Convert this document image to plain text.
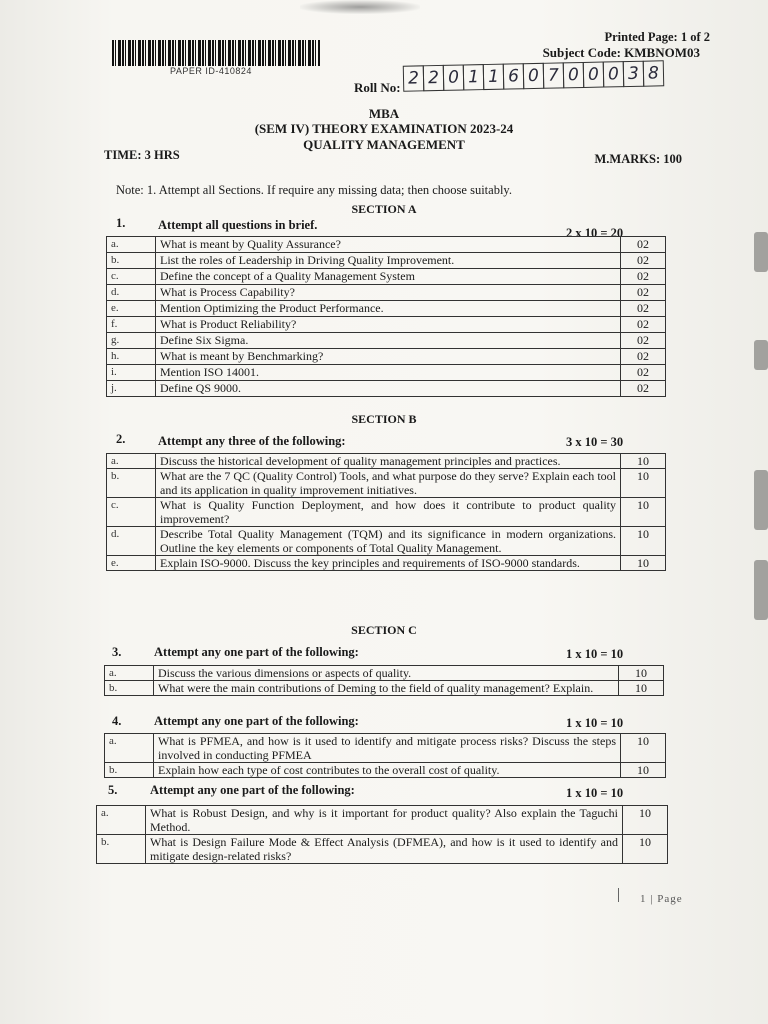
Printed Page: 1 of 2
Subject Code: KMBNOM03
PAPER ID-410824
Roll No: 2 2 0 1 1 6 0 7 0 0 0 3 8
MBA
(SEM IV) THEORY EXAMINATION 2023-24
QUALITY MANAGEMENT
TIME: 3 HRS	M.MARKS: 100
Note: 1. Attempt all Sections. If require any missing data; then choose suitably.
SECTION A
1.	Attempt all questions in brief.
2 x 10 = 20
a.	What is meant by Quality Assurance?	02
b.	List the roles of Leadership in Driving Quality Improvement.	02
c.	Define the concept of a Quality Management System	02
d.	What is Process Capability?	02
e.	Mention Optimizing the Product Performance.	02
f.	What is Product Reliability?	02
g.	Define Six Sigma.	02
h.	What is meant by Benchmarking?	02
i.	Mention ISO 14001.	02
j.	Define QS 9000.	02
SECTION B
2.	Attempt any three of the following:	3 x 10 = 30
a.	Discuss the historical development of quality management principles and practices.	10
b.	What are the 7 QC (Quality Control) Tools, and what purpose do they serve? Explain each tool and its application in quality improvement initiatives.	10
c.	What is Quality Function Deployment, and how does it contribute to product quality improvement?	10
d.	Describe Total Quality Management (TQM) and its significance in modern organizations. Outline the key elements or components of Total Quality Management.	10
e.	Explain ISO-9000. Discuss the key principles and requirements of ISO-9000 standards.	10
SECTION C
3.	Attempt any one part of the following:	1 x 10 = 10
a.	Discuss the various dimensions or aspects of quality.	10
b.	What were the main contributions of Deming to the field of quality management? Explain.	10
4.	Attempt any one part of the following:	1 x 10 = 10
a.	What is PFMEA, and how is it used to identify and mitigate process risks? Discuss the steps involved in conducting PFMEA	10
b.	Explain how each type of cost contributes to the overall cost of quality.	10
5.	Attempt any one part of the following:	1 x 10 = 10
a.	What is Robust Design, and why is it important for product quality? Also explain the Taguchi Method.	10
b.	What is Design Failure Mode & Effect Analysis (DFMEA), and how is it used to identify and mitigate design-related risks?	10
1 | Page
